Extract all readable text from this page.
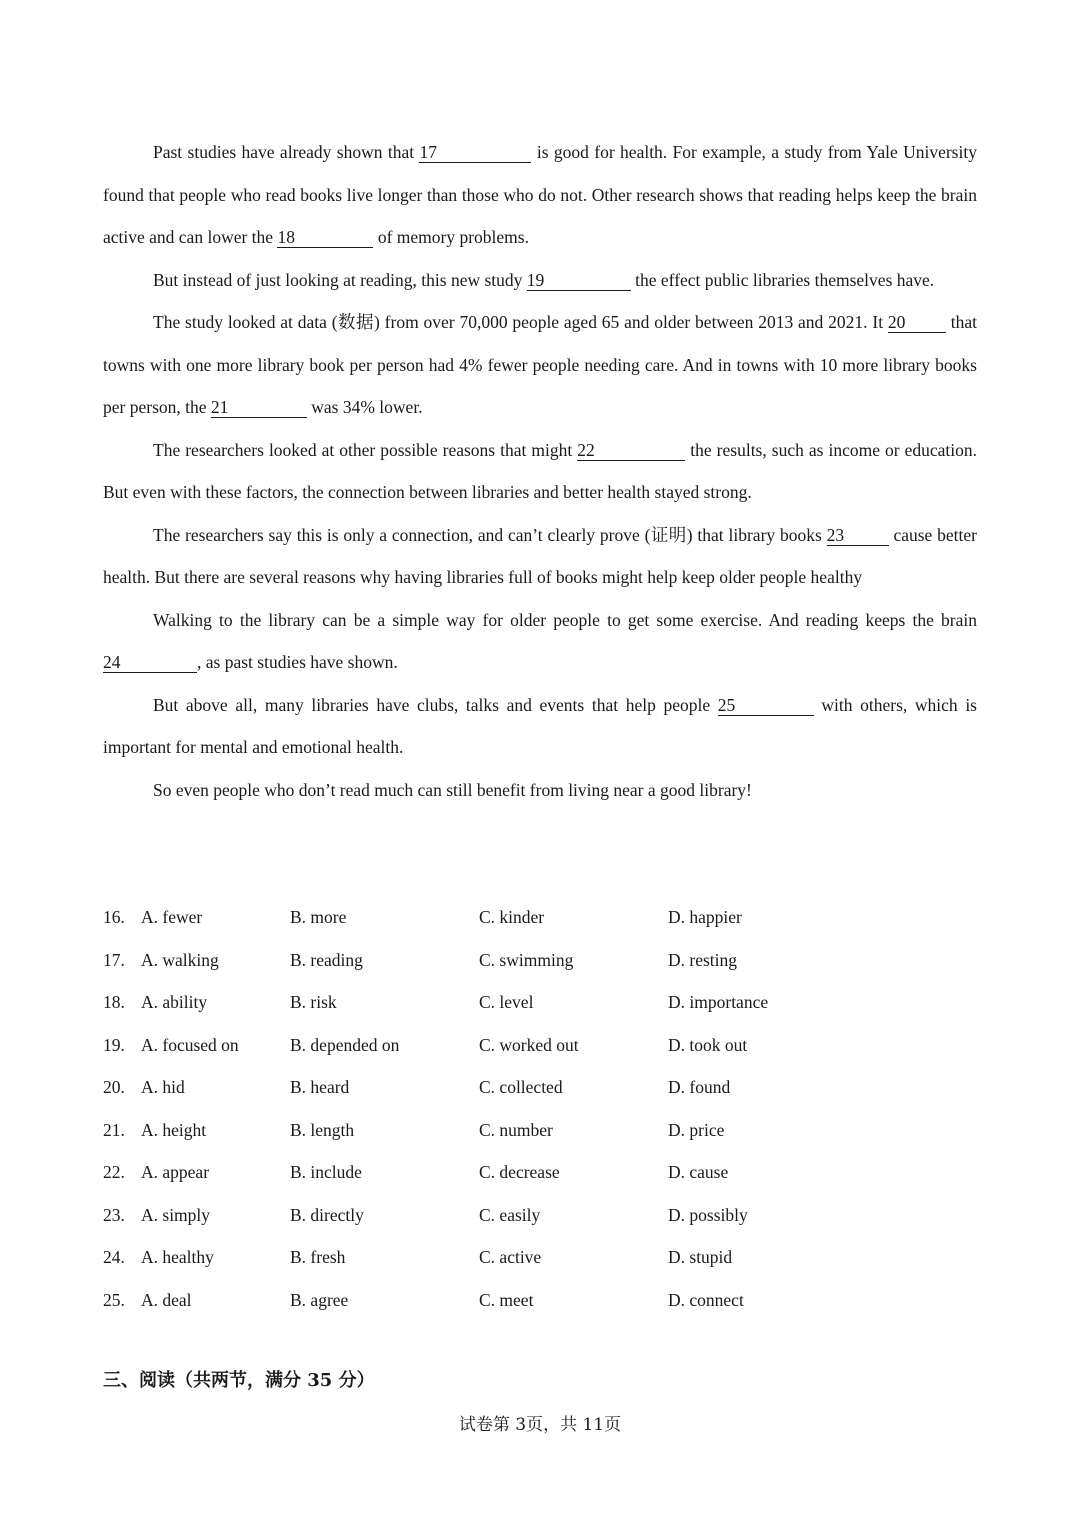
Past studies have already shown that 17	is good for health. For example, a study from Yale University found that people who read books live longer than those who do not. Other research shows that reading helps keep the brain active and can lower the 18	of memory problems.

But instead of just looking at reading, this new study 19	the effect public libraries themselves have.

The study looked at data (数据) from over 70,000 people aged 65 and older between 2013 and 2021. It 20 that towns with one more library book per person had 4% fewer people needing care. And in towns with 10 more library books per person, the 21	was 34% lower.

The researchers looked at other possible reasons that might 22	the results, such as income or education. But even with these factors, the connection between libraries and better health stayed strong.

The researchers say this is only a connection, and can’t clearly prove (证明) that library books 23	cause better health. But there are several reasons why having libraries full of books might help keep older people healthy

Walking to the library can be a simple way for older people to get some exercise. And reading keeps the brain 24	, as past studies have shown.

But above all, many libraries have clubs, talks and events that help people 25	with others, which is important for mental and emotional health.

So even people who don’t read much can still benefit from living near a good library!

16. A. fewer	B. more	C. kinder	D. happier
17. A. walking	B. reading	C. swimming	D. resting
18. A. ability	B. risk	C. level	D. importance
19. A. focused on	B. depended on	C. worked out	D. took out
20. A. hid	B. heard	C. collected	D. found
21. A. height	B. length	C. number	D. price
22. A. appear	B. include	C. decrease	D. cause
23. A. simply	B. directly	C. easily	D. possibly
24. A. healthy	B. fresh	C. active	D. stupid
25. A. deal	B. agree	C. meet	D. connect
三、阅读（共两节，满分 35 分）
试卷第 3页，共 11页
